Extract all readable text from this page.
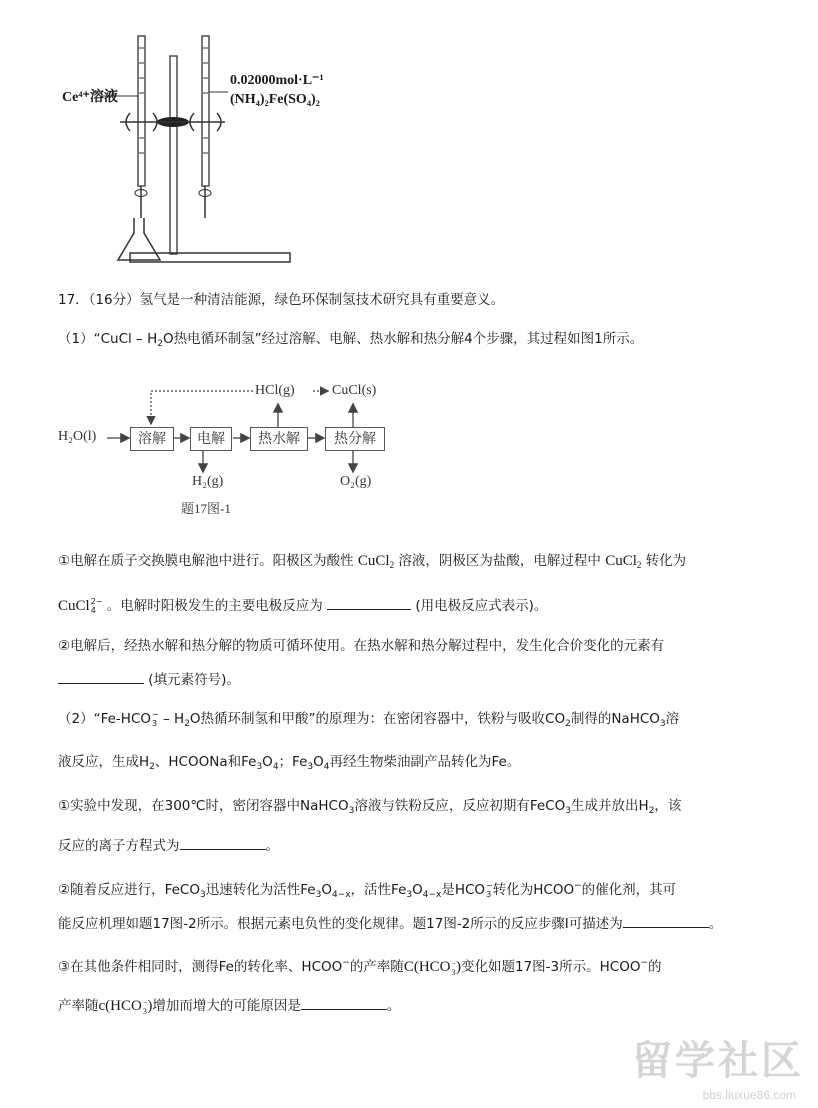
Ce⁴⁺溶液
0.02000mol·L⁻¹
(NH₄)₂Fe(SO₄)₂
17．（16分）氢气是一种清洁能源，绿色环保制氢技术研究具有重要意义。
（1）“CuCl – $H_2O$热电循环制氢”经过溶解、电解、热水解和热分解4个步骤，其过程如图1所示。
H₂O(l)	溶解	电解	热水解	热分解
HCl(g)	CuCl(s)
H₂(g)	O₂(g)
题17图-1
①电解在质子交换膜电解池中进行。阳极区为酸性 CuCl$_2$ 溶液，阴极区为盐酸，电解过程中 CuCl$_2$ 转化为
CuCl 2−
4 。电解时阳极发生的主要电极反应为	(用电极反应式表示)。
②电解后，经热水解和热分解的物质可循环使用。在热水解和热分解过程中，发生化合价变化的元素有
(填元素符号)。
（2）“Fe-HCO −
$3 - H_2O$热循环制氢和甲酸”的原理为：在密闭容器中，铁粉与吸收$CO_2$制得的NaHCO$_3$溶
液反应，生成$H_2$、HCOONa和$Fe_3O_4$；$Fe_3O_4$再经生物柴油副产品转化为Fe。
①实验中发现，在300℃时，密闭容器中NaHCO$_3$溶液与铁粉反应，反应初期有FeCO$_3$生成并放出$H_2$，该
反应的离子方程式为	。
②随着反应进行，FeCO$_3$迅速转化为活性$Fe_3O_{4-x}$，活性$Fe_3O_{4-x}$是HCO −
3 转化为HCOO−的催化剂，其可
能反应机理如题17图-2所示。根据元素电负性的变化规律。题17图-2所示的反应步骤Ⅰ可描述为	。
③在其他条件相同时，测得Fe的转化率、HCOO−的产率随C(HCO −
3 )变化如题17图-3所示。HCOO−的
产率随c(HCO −
3 )增加而增大的可能原因是	。
留学社区
bbs.liuxue86.com
